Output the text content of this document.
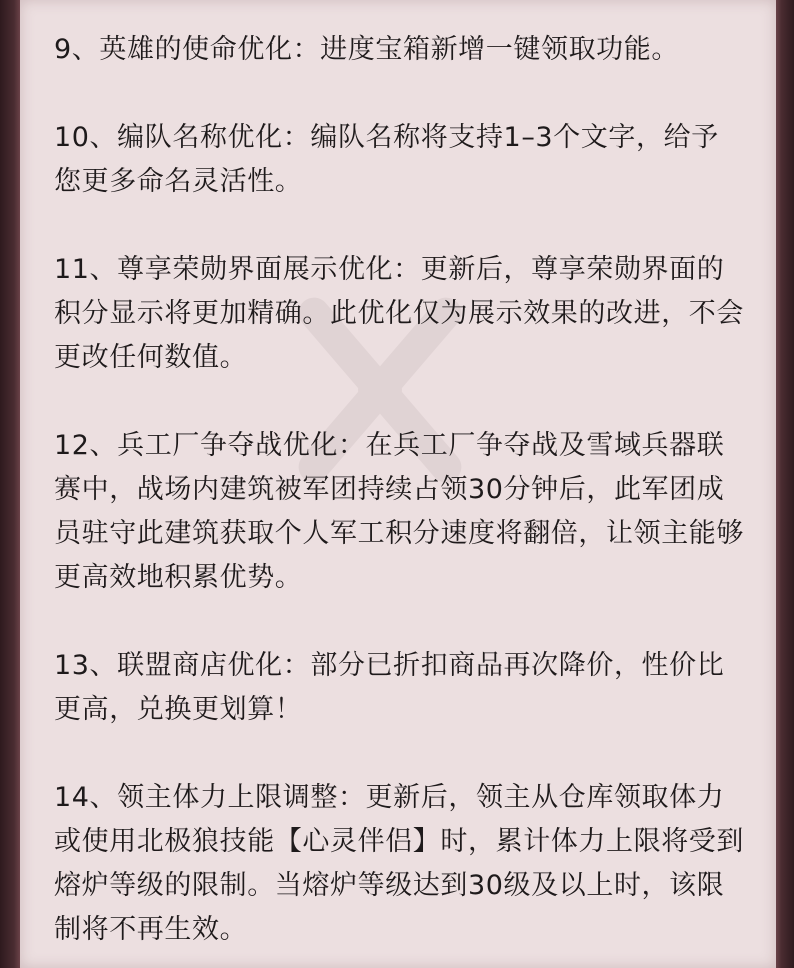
9、英雄的使命优化：进度宝箱新增一键领取功能。

10、编队名称优化：编队名称将支持1–3个文字，给予您更多命名灵活性。

11、尊享荣勋界面展示优化：更新后，尊享荣勋界面的积分显示将更加精确。此优化仅为展示效果的改进，不会更改任何数值。

12、兵工厂争夺战优化：在兵工厂争夺战及雪域兵器联赛中，战场内建筑被军团持续占领30分钟后，此军团成员驻守此建筑获取个人军工积分速度将翻倍，让领主能够更高效地积累优势。

13、联盟商店优化：部分已折扣商品再次降价，性价比更高，兑换更划算！

14、领主体力上限调整：更新后，领主从仓库领取体力或使用北极狼技能【心灵伴侣】时，累计体力上限将受到熔炉等级的限制。当熔炉等级达到30级及以上时，该限制将不再生效。
